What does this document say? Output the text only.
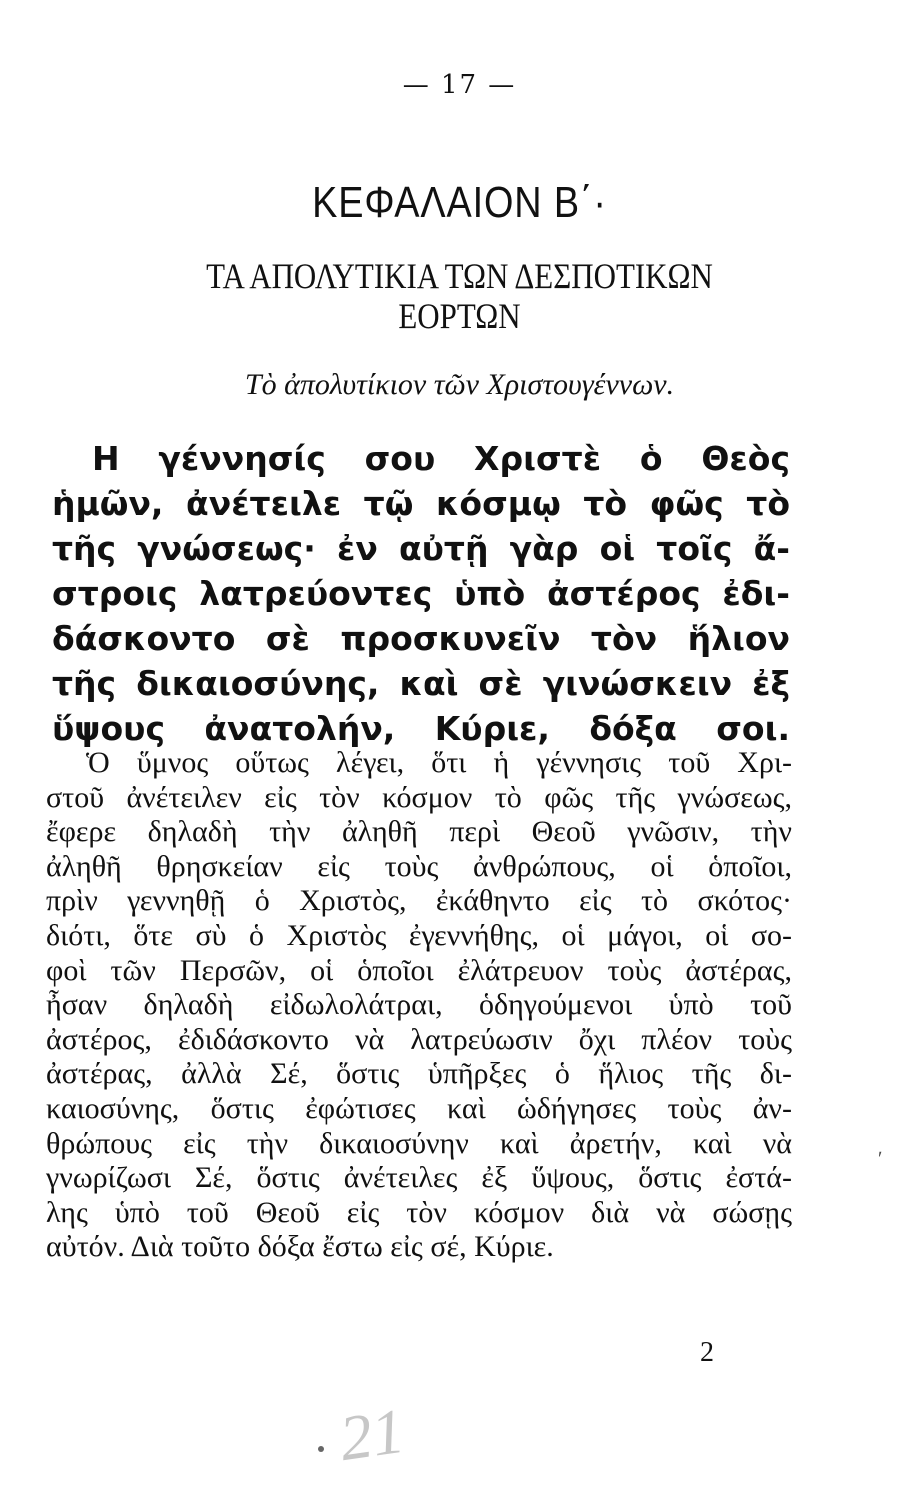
— 17 —
ΚΕΦΑΛΑΙΟΝ Β΄·
ΤΑ ΑΠΟΛΥΤΙΚΙΑ ΤΩΝ ΔΕΣΠΟΤΙΚΩΝ
ΕΟΡΤΩΝ
Τὸ ἀπολυτίκιον τῶν Χριστουγέννων.
Η γέννησίς σου Χριστὲ ὁ Θεὸς
ἡμῶν, ἀνέτειλε τῷ κόσμῳ τὸ φῶς τὸ
τῆς γνώσεως· ἐν αὐτῇ γὰρ οἱ τοῖς ἄ-
στροις λατρεύοντες ὑπὸ ἀστέρος ἐδι-
δάσκοντο σὲ προσκυνεῖν τὸν ἥλιον
τῆς δικαιοσύνης, καὶ σὲ γινώσκειν ἐξ
ὕψους ἀνατολήν, Κύριε, δόξα σοι.
Ὁ ὕμνος οὕτως λέγει, ὅτι ἡ γέννησις τοῦ Χρι-
στοῦ ἀνέτειλεν εἰς τὸν κόσμον τὸ φῶς τῆς γνώσεως,
ἔφερε δηλαδὴ τὴν ἀληθῆ περὶ Θεοῦ γνῶσιν, τὴν
ἀληθῆ θρησκείαν εἰς τοὺς ἀνθρώπους, οἱ ὁποῖοι,
πρὶν γεννηθῇ ὁ Χριστὸς, ἐκάθηντο εἰς τὸ σκότος·
διότι, ὅτε σὺ ὁ Χριστὸς ἐγεννήθης, οἱ μάγοι, οἱ σο-
φοὶ τῶν Περσῶν, οἱ ὁποῖοι ἐλάτρευον τοὺς ἀστέρας,
ἦσαν δηλαδὴ εἰδωλολάτραι, ὁδηγούμενοι ὑπὸ τοῦ
ἀστέρος, ἐδιδάσκοντο νὰ λατρεύωσιν ὄχι πλέον τοὺς
ἀστέρας, ἀλλὰ Σέ, ὅστις ὑπῆρξες ὁ ἥλιος τῆς δι-
καιοσύνης, ὅστις ἐφώτισες καὶ ὡδήγησες τοὺς ἀν-
θρώπους εἰς τὴν δικαιοσύνην καὶ ἀρετήν, καὶ νὰ
γνωρίζωσι Σέ, ὅστις ἀνέτειλες ἐξ ὕψους, ὅστις ἐστά-
λης ὑπὸ τοῦ Θεοῦ εἰς τὸν κόσμον διὰ νὰ σώσῃς
αὐτόν. Διὰ τοῦτο δόξα ἔστω εἰς σέ, Κύριε.
2
ʹ
21
